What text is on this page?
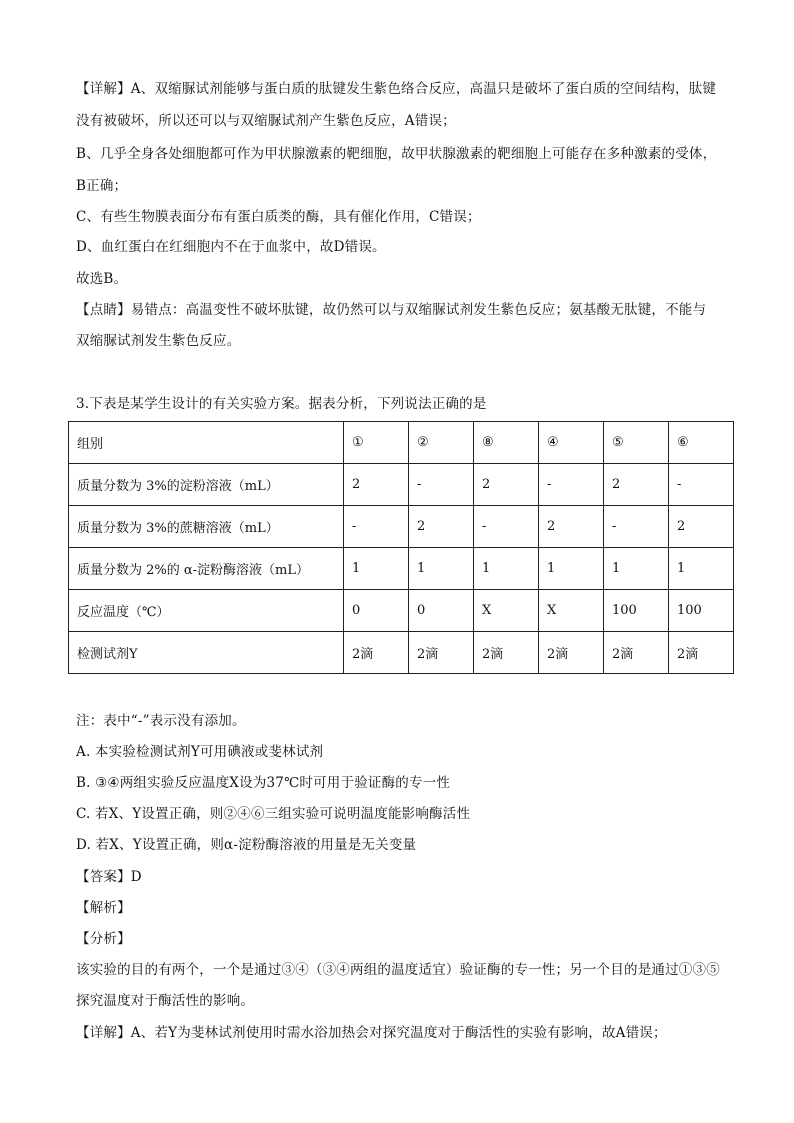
【详解】A、双缩脲试剂能够与蛋白质的肽键发生紫色络合反应，高温只是破坏了蛋白质的空间结构，肽键
没有被破坏，所以还可以与双缩脲试剂产生紫色反应，A错误；
B、几乎全身各处细胞都可作为甲状腺激素的靶细胞，故甲状腺激素的靶细胞上可能存在多种激素的受体，
B正确；
C、有些生物膜表面分布有蛋白质类的酶，具有催化作用，C错误；
D、血红蛋白在红细胞内不在于血浆中，故D错误。
故选B。
【点睛】易错点：高温变性不破坏肽键，故仍然可以与双缩脲试剂发生紫色反应；氨基酸无肽键，不能与
双缩脲试剂发生紫色反应。
3.下表是某学生设计的有关实验方案。据表分析，下列说法正确的是
组别	①	②	⑧	④	⑤	⑥
质量分数为 3%的淀粉溶液（mL）	2	-	2	-	2	-
质量分数为 3%的蔗糖溶液（mL）	-	2	-	2	-	2
质量分数为 2%的 α-淀粉酶溶液（mL）	1	1	1	1	1	1
反应温度（℃）	0	0	X	X	100	100
检测试剂Y	2滴	2滴	2滴	2滴	2滴	2滴
注：表中“-”表示没有添加。
A. 本实验检测试剂Y可用碘液或斐林试剂
B. ③④两组实验反应温度X设为37℃时可用于验证酶的专一性
C. 若X、Y设置正确，则②④⑥三组实验可说明温度能影响酶活性
D. 若X、Y设置正确，则α-淀粉酶溶液的用量是无关变量
【答案】D
【解析】
【分析】
该实验的目的有两个，一个是通过③④（③④两组的温度适宜）验证酶的专一性；另一个目的是通过①③⑤
探究温度对于酶活性的影响。
【详解】A、若Y为斐林试剂使用时需水浴加热会对探究温度对于酶活性的实验有影响，故A错误；
